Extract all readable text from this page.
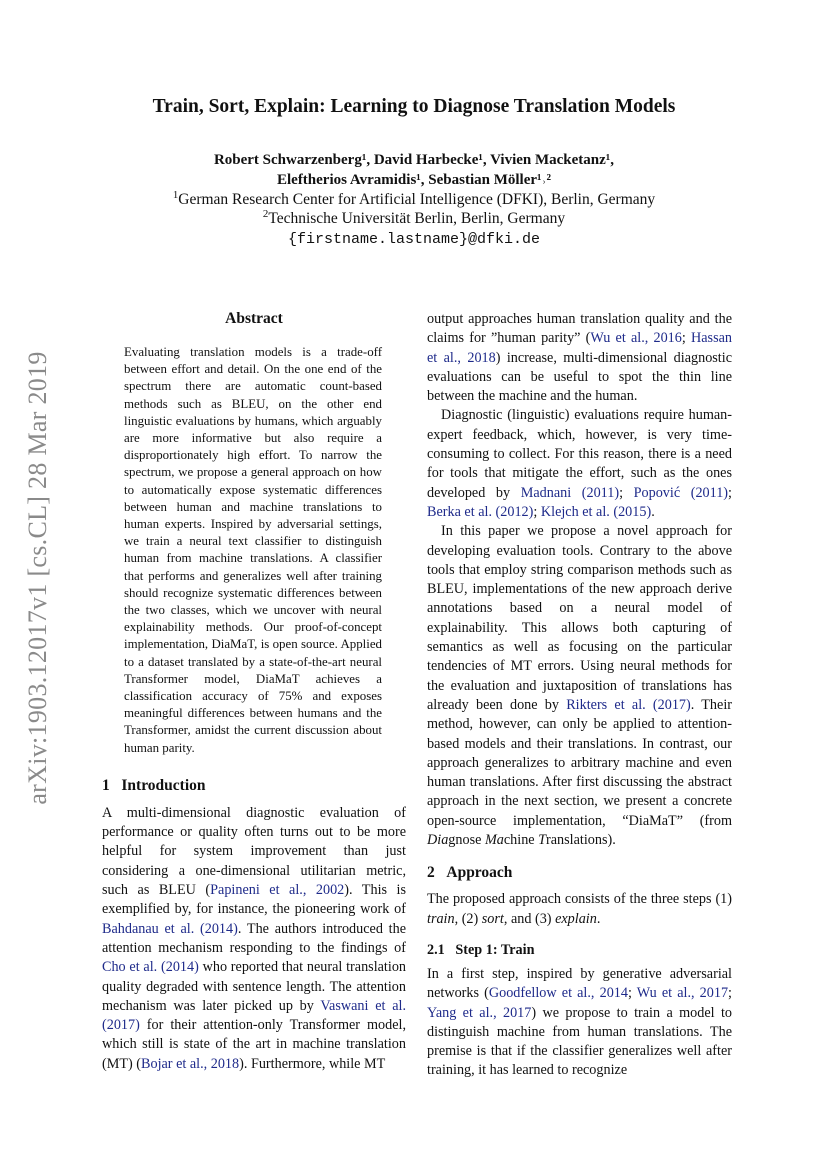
Train, Sort, Explain: Learning to Diagnose Translation Models
Robert Schwarzenberg¹, David Harbecke¹, Vivien Macketanz¹,
Eleftherios Avramidis¹, Sebastian Möller¹˒²
$^1$German Research Center for Artificial Intelligence (DFKI), Berlin, Germany
$^2$Technische Universität Berlin, Berlin, Germany
{firstname.lastname}@dfki.de
arXiv:1903.12017v1 [cs.CL] 28 Mar 2019
Abstract
Evaluating translation models is a trade-off between effort and detail. On the one end of the spectrum there are automatic count-based methods such as BLEU, on the other end linguistic evaluations by humans, which arguably are more informative but also require a disproportionately high effort. To narrow the spectrum, we propose a general approach on how to automatically expose systematic differences between human and machine translations to human experts. Inspired by adversarial settings, we train a neural text classifier to distinguish human from machine translations. A classifier that performs and generalizes well after training should recognize systematic differences between the two classes, which we uncover with neural explainability methods. Our proof-of-concept implementation, DiaMaT, is open source. Applied to a dataset translated by a state-of-the-art neural Transformer model, DiaMaT achieves a classification accuracy of 75% and exposes meaningful differences between humans and the Transformer, amidst the current discussion about human parity.
1 Introduction

A multi-dimensional diagnostic evaluation of performance or quality often turns out to be more helpful for system improvement than just considering a one-dimensional utilitarian metric, such as BLEU (Papineni et al., 2002). This is exemplified by, for instance, the pioneering work of Bahdanau et al. (2014). The authors introduced the attention mechanism responding to the findings of Cho et al. (2014) who reported that neural translation quality degraded with sentence length. The attention mechanism was later picked up by Vaswani et al. (2017) for their attention-only Transformer model, which still is state of the art in machine translation (MT) (Bojar et al., 2018). Furthermore, while MT

output approaches human translation quality and the claims for ”human parity” (Wu et al., 2016; Hassan et al., 2018) increase, multi-dimensional diagnostic evaluations can be useful to spot the thin line between the machine and the human.

Diagnostic (linguistic) evaluations require human-expert feedback, which, however, is very time-consuming to collect. For this reason, there is a need for tools that mitigate the effort, such as the ones developed by Madnani (2011); Popović (2011); Berka et al. (2012); Klejch et al. (2015).

In this paper we propose a novel approach for developing evaluation tools. Contrary to the above tools that employ string comparison methods such as BLEU, implementations of the new approach derive annotations based on a neural model of explainability. This allows both capturing of semantics as well as focusing on the particular tendencies of MT errors. Using neural methods for the evaluation and juxtaposition of translations has already been done by Rikters et al. (2017). Their method, however, can only be applied to attention-based models and their translations. In contrast, our approach generalizes to arbitrary machine and even human translations. After first discussing the abstract approach in the next section, we present a concrete open-source implementation, “DiaMaT” (from Diagnose Machine Translations).

2 Approach

The proposed approach consists of the three steps (1) train, (2) sort, and (3) explain.

2.1 Step 1: Train

In a first step, inspired by generative adversarial networks (Goodfellow et al., 2014; Wu et al., 2017; Yang et al., 2017) we propose to train a model to distinguish machine from human translations. The premise is that if the classifier generalizes well after training, it has learned to recognize
